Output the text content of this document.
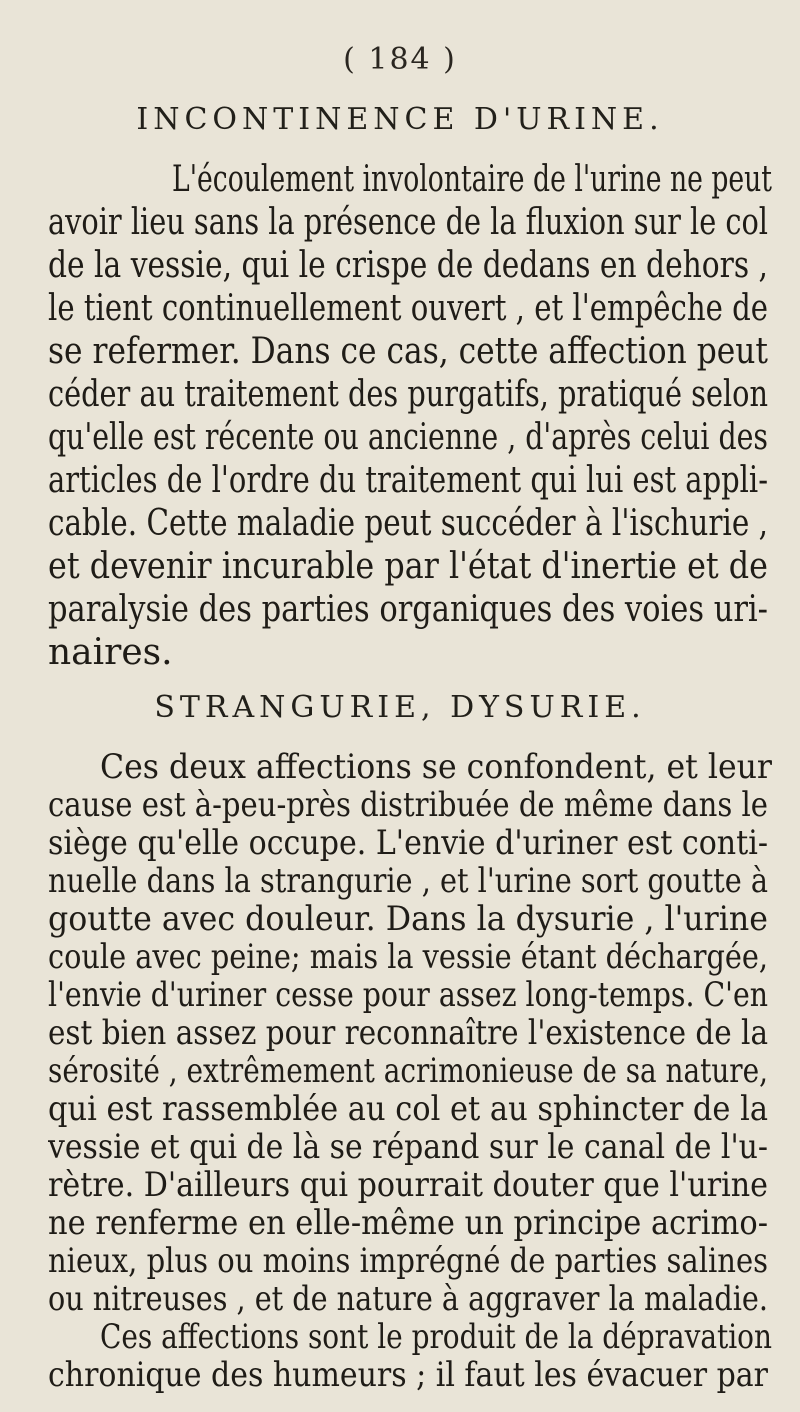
( 184 )
INCONTINENCE D'URINE.
L'écoulement involontaire de l'urine ne peut
avoir lieu sans la présence de la fluxion sur le col
de la vessie, qui le crispe de dedans en dehors ,
le tient continuellement ouvert , et l'empêche de
se refermer. Dans ce cas, cette affection peut
céder au traitement des purgatifs, pratiqué selon
qu'elle est récente ou ancienne , d'après celui des
articles de l'ordre du traitement qui lui est appli-
cable. Cette maladie peut succéder à l'ischurie ,
et devenir incurable par l'état d'inertie et de
paralysie des parties organiques des voies uri-
naires.
STRANGURIE, DYSURIE.
Ces deux affections se confondent, et leur
cause est à-peu-près distribuée de même dans le
siège qu'elle occupe. L'envie d'uriner est conti-
nuelle dans la strangurie , et l'urine sort goutte à
goutte avec douleur. Dans la dysurie , l'urine
coule avec peine; mais la vessie étant déchargée,
l'envie d'uriner cesse pour assez long-temps. C'en
est bien assez pour reconnaître l'existence de la
sérosité , extrêmement acrimonieuse de sa nature,
qui est rassemblée au col et au sphincter de la
vessie et qui de là se répand sur le canal de l'u-
rètre. D'ailleurs qui pourrait douter que l'urine
ne renferme en elle-même un principe acrimo-
nieux, plus ou moins imprégné de parties salines
ou nitreuses , et de nature à aggraver la maladie.
Ces affections sont le produit de la dépravation
chronique des humeurs ; il faut les évacuer par
